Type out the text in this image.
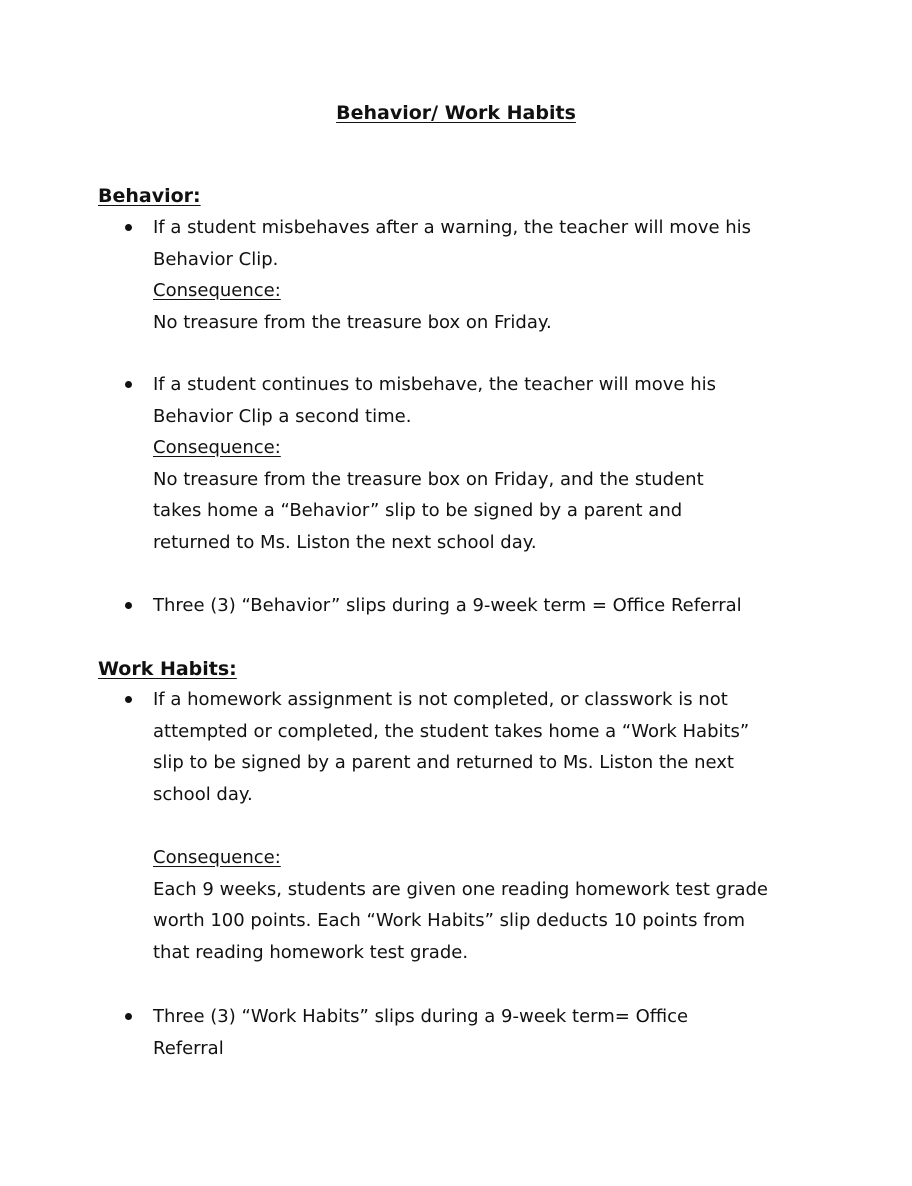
Behavior/ Work Habits
Behavior:
If a student misbehaves after a warning, the teacher will move his
Behavior Clip.
Consequence:
No treasure from the treasure box on Friday.
If a student continues to misbehave, the teacher will move his
Behavior Clip a second time.
Consequence:
No treasure from the treasure box on Friday, and the student
takes home a “Behavior” slip to be signed by a parent and
returned to Ms. Liston the next school day.
Three (3) “Behavior” slips during a 9-week term = Office Referral
Work Habits:
If a homework assignment is not completed, or classwork is not
attempted or completed, the student takes home a “Work Habits”
slip to be signed by a parent and returned to Ms. Liston the next
school day.
Consequence:
Each 9 weeks, students are given one reading homework test grade
worth 100 points. Each “Work Habits” slip deducts 10 points from
that reading homework test grade.
Three (3) “Work Habits” slips during a 9-week term= Office
Referral
